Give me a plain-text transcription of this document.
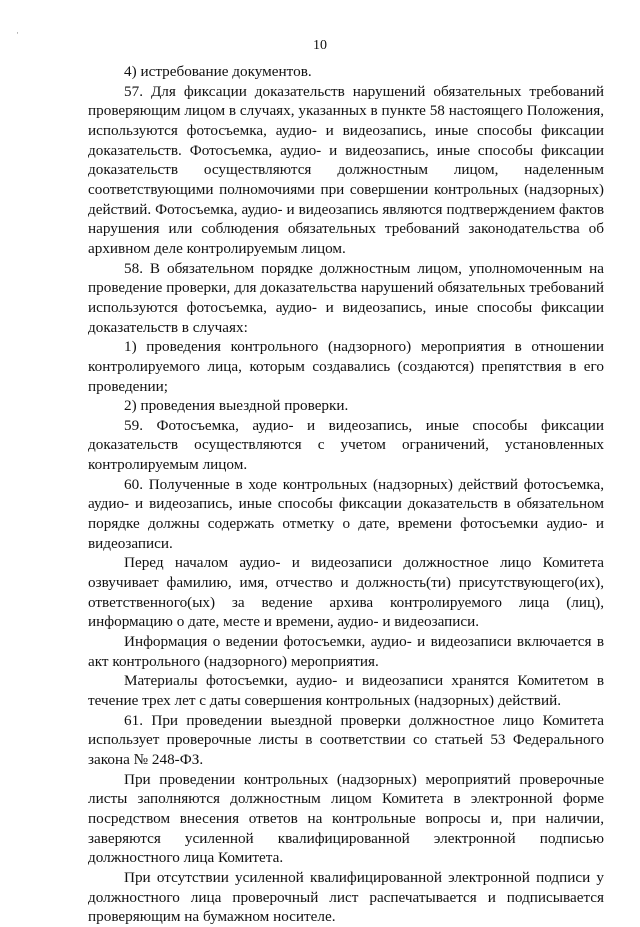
·
10

4) истребование документов.

57. Для фиксации доказательств нарушений обязательных требований проверяющим лицом в случаях, указанных в пункте 58 настоящего Положения, используются фотосъемка, аудио- и видеозапись, иные способы фиксации доказательств. Фотосъемка, аудио- и видеозапись, иные способы фиксации доказательств осуществляются должностным лицом, наделенным соответствующими полномочиями при совершении контрольных (надзорных) действий. Фотосъемка, аудио- и видеозапись являются подтверждением фактов нарушения или соблюдения обязательных требований законодательства об архивном деле контролируемым лицом.

58. В обязательном порядке должностным лицом, уполномоченным на проведение проверки, для доказательства нарушений обязательных требований используются фотосъемка, аудио- и видеозапись, иные способы фиксации доказательств в случаях:

1) проведения контрольного (надзорного) мероприятия в отношении контролируемого лица, которым создавались (создаются) препятствия в его проведении;

2) проведения выездной проверки.

59. Фотосъемка, аудио- и видеозапись, иные способы фиксации доказательств осуществляются с учетом ограничений, установленных контролируемым лицом.

60. Полученные в ходе контрольных (надзорных) действий фотосъемка, аудио- и видеозапись, иные способы фиксации доказательств в обязательном порядке должны содержать отметку о дате, времени фотосъемки аудио- и видеозаписи.

Перед началом аудио- и видеозаписи должностное лицо Комитета озвучивает фамилию, имя, отчество и должность(ти) присутствующего(их), ответственного(ых) за ведение архива контролируемого лица (лиц), информацию о дате, месте и времени, аудио- и видеозаписи.

Информация о ведении фотосъемки, аудио- и видеозаписи включается в акт контрольного (надзорного) мероприятия.

Материалы фотосъемки, аудио- и видеозаписи хранятся Комитетом в течение трех лет с даты совершения контрольных (надзорных) действий.

61. При проведении выездной проверки должностное лицо Комитета использует проверочные листы в соответствии со статьей 53 Федерального закона № 248-ФЗ.

При проведении контрольных (надзорных) мероприятий проверочные листы заполняются должностным лицом Комитета в электронной форме посредством внесения ответов на контрольные вопросы и, при наличии, заверяются усиленной квалифицированной электронной подписью должностного лица Комитета.

При отсутствии усиленной квалифицированной электронной подписи у должностного лица проверочный лист распечатывается и подписывается проверяющим на бумажном носителе.
